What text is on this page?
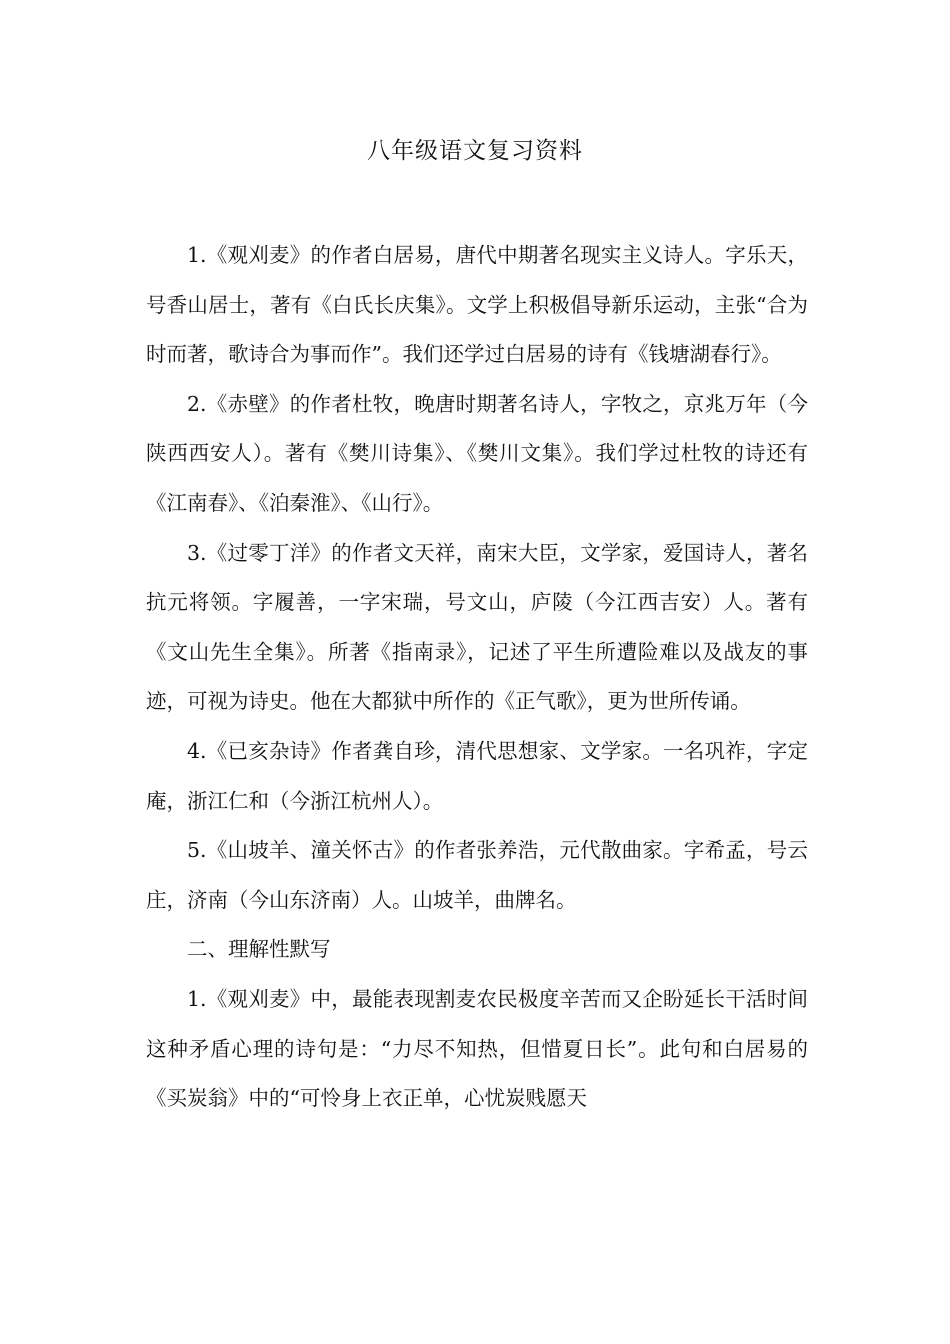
八年级语文复习资料

1.《观刈麦》的作者白居易，唐代中期著名现实主义诗人。字乐天，号香山居士，著有《白氏长庆集》。文学上积极倡导新乐运动，主张“合为时而著，歌诗合为事而作”。我们还学过白居易的诗有《钱塘湖春行》。

2.《赤壁》的作者杜牧，晚唐时期著名诗人，字牧之，京兆万年（今陕西西安人）。著有《樊川诗集》、《樊川文集》。我们学过杜牧的诗还有《江南春》、《泊秦淮》、《山行》。

3.《过零丁洋》的作者文天祥，南宋大臣，文学家，爱国诗人，著名抗元将领。字履善，一字宋瑞，号文山，庐陵（今江西吉安）人。著有《文山先生全集》。所著《指南录》，记述了平生所遭险难以及战友的事迹，可视为诗史。他在大都狱中所作的《正气歌》，更为世所传诵。

4.《已亥杂诗》作者龚自珍，清代思想家、文学家。一名巩祚，字定庵，浙江仁和（今浙江杭州人）。

5.《山坡羊、潼关怀古》的作者张养浩，元代散曲家。字希孟，号云庄，济南（今山东济南）人。山坡羊，曲牌名。

二、理解性默写

1.《观刈麦》中，最能表现割麦农民极度辛苦而又企盼延长干活时间这种矛盾心理的诗句是：“力尽不知热，但惜夏日长”。此句和白居易的《买炭翁》中的“可怜身上衣正单，心忧炭贱愿天
